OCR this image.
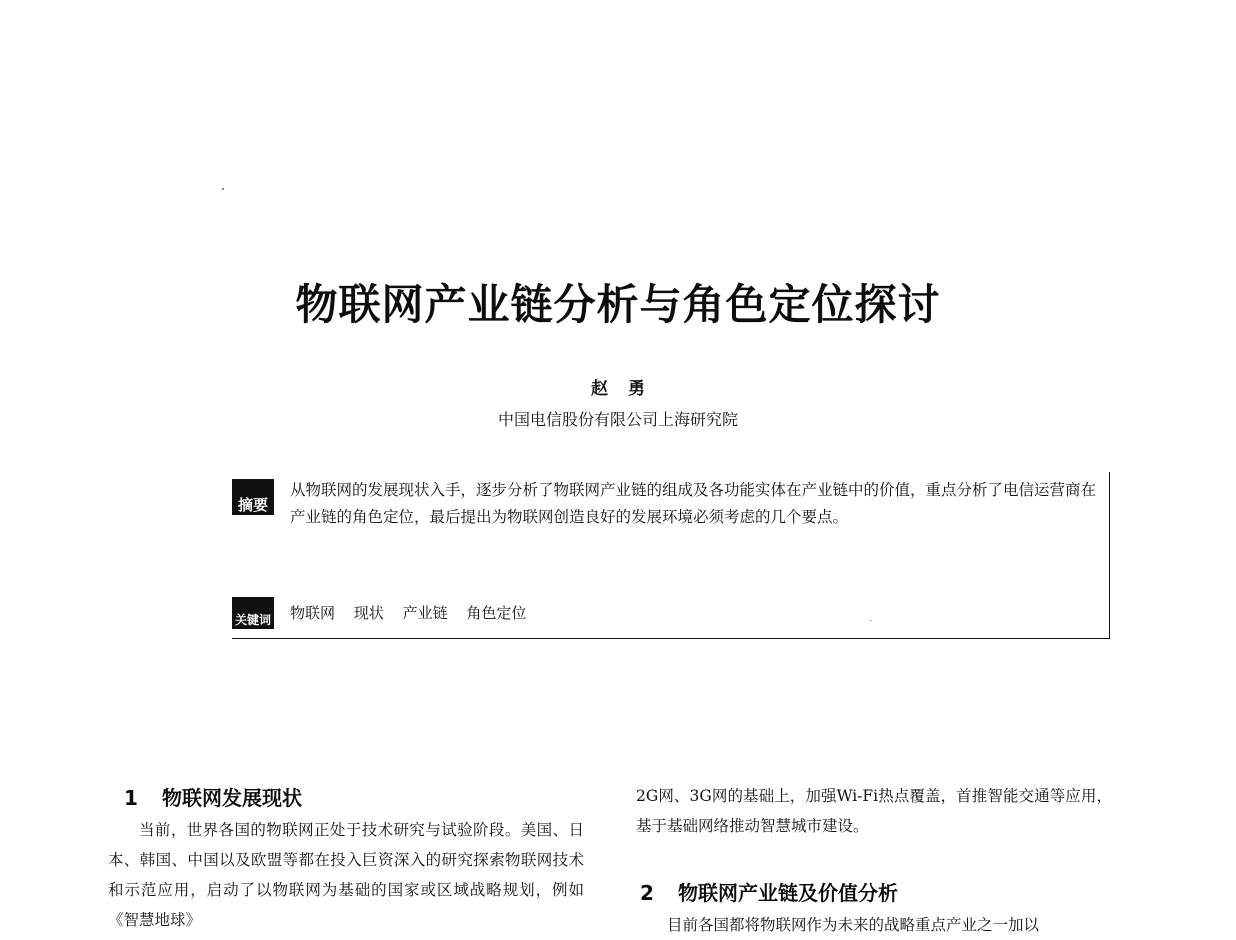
物联网产业链分析与角色定位探讨
赵 勇
中国电信股份有限公司上海研究院
摘要

从物联网的发展现状入手，逐步分析了物联网产业链的组成及各功能实体在产业链中的价值，重点分析了电信运营商在产业链的角色定位，最后提出为物联网创造良好的发展环境必须考虑的几个要点。

关键词 物联网 现状 产业链 角色定位
1 物联网发展现状

当前，世界各国的物联网正处于技术研究与试验阶段。美国、日本、韩国、中国以及欧盟等都在投入巨资深入的研究探索物联网技术和示范应用，启动了以物联网为基础的国家或区域战略规划，例如《智慧地球》

2G网、3G网的基础上，加强Wi-Fi热点覆盖，首推智能交通等应用，基于基础网络推动智慧城市建设。

2 物联网产业链及价值分析

目前各国都将物联网作为未来的战略重点产业之一加以
